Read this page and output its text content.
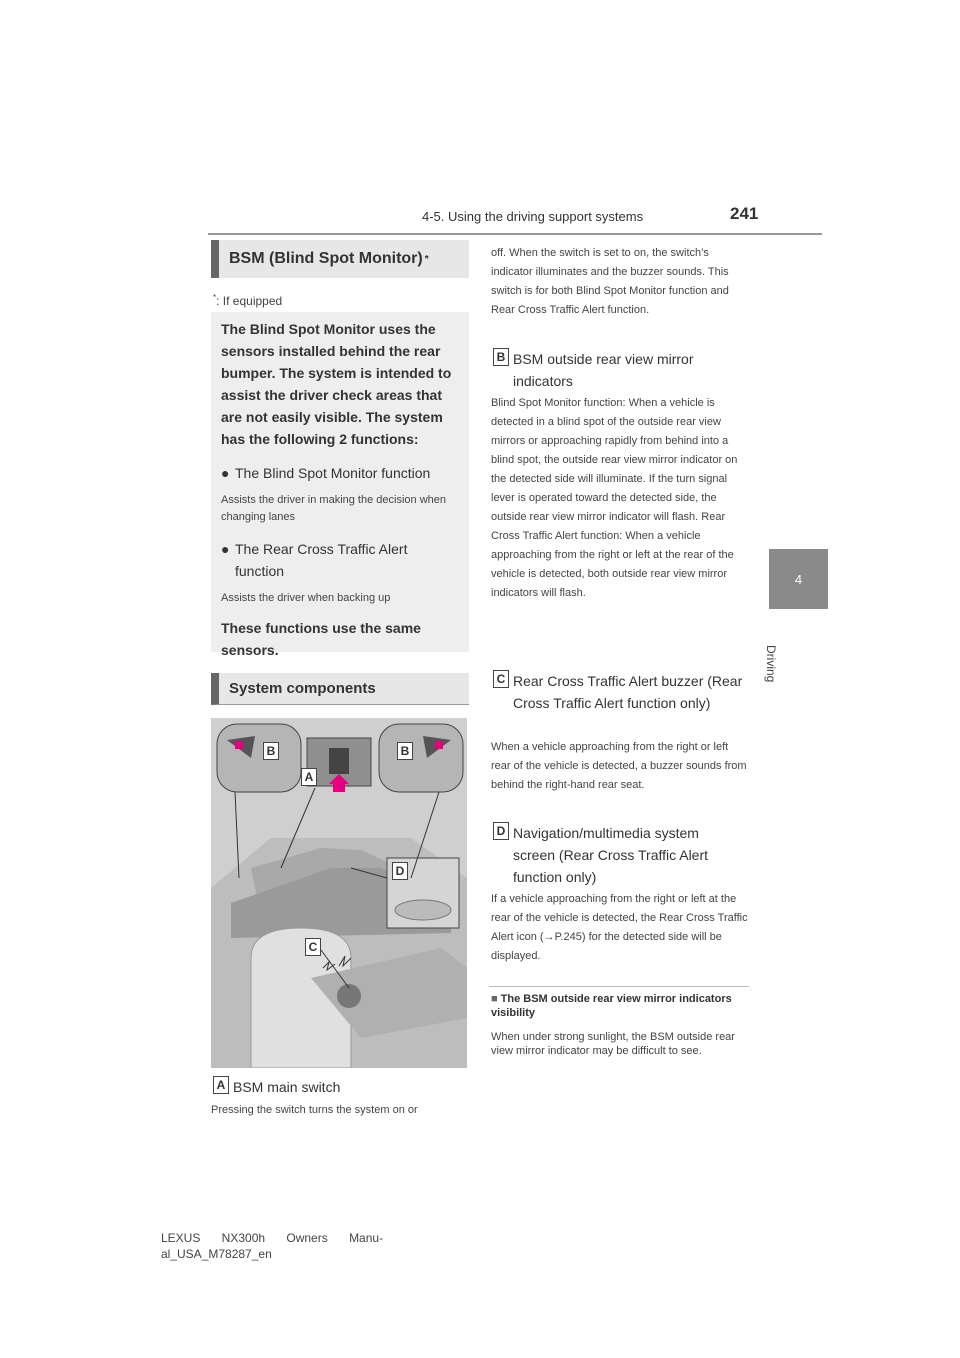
4-5. Using the driving support systems	241
4
Driving
BSM (Blind Spot Monitor) *
*: If equipped
The Blind Spot Monitor uses the sensors installed behind the rear bumper. The system is intended to assist the driver check areas that are not easily visible. The system has the following 2 functions:
● The Blind Spot Monitor function
Assists the driver in making the decision when changing lanes
● The Rear Cross Traffic Alert function
Assists the driver when backing up
These functions use the same sensors.
System components
B	B
A
D
C
A BSM main switch
Pressing the switch turns the system on or
off. When the switch is set to on, the switch’s indicator illuminates and the buzzer sounds. This switch is for both Blind Spot Monitor function and Rear Cross Traffic Alert function.
B BSM outside rear view mirror indicators
Blind Spot Monitor function: When a vehicle is detected in a blind spot of the outside rear view mirrors or approaching rapidly from behind into a blind spot, the outside rear view mirror indicator on the detected side will illuminate. If the turn signal lever is operated toward the detected side, the outside rear view mirror indicator will flash. Rear Cross Traffic Alert function: When a vehicle approaching from the right or left at the rear of the vehicle is detected, both outside rear view mirror indicators will flash.
C Rear Cross Traffic Alert buzzer (Rear Cross Traffic Alert function only)
When a vehicle approaching from the right or left rear of the vehicle is detected, a buzzer sounds from behind the right-hand rear seat.
D Navigation/multimedia system screen (Rear Cross Traffic Alert function only)
If a vehicle approaching from the right or left at the rear of the vehicle is detected, the Rear Cross Traffic Alert icon (→P.245) for the detected side will be displayed.
■ The BSM outside rear view mirror indicators visibility
When under strong sunlight, the BSM outside rear view mirror indicator may be difficult to see.
LEXUS NX300h Owners Manu-
al_USA_M78287_en
